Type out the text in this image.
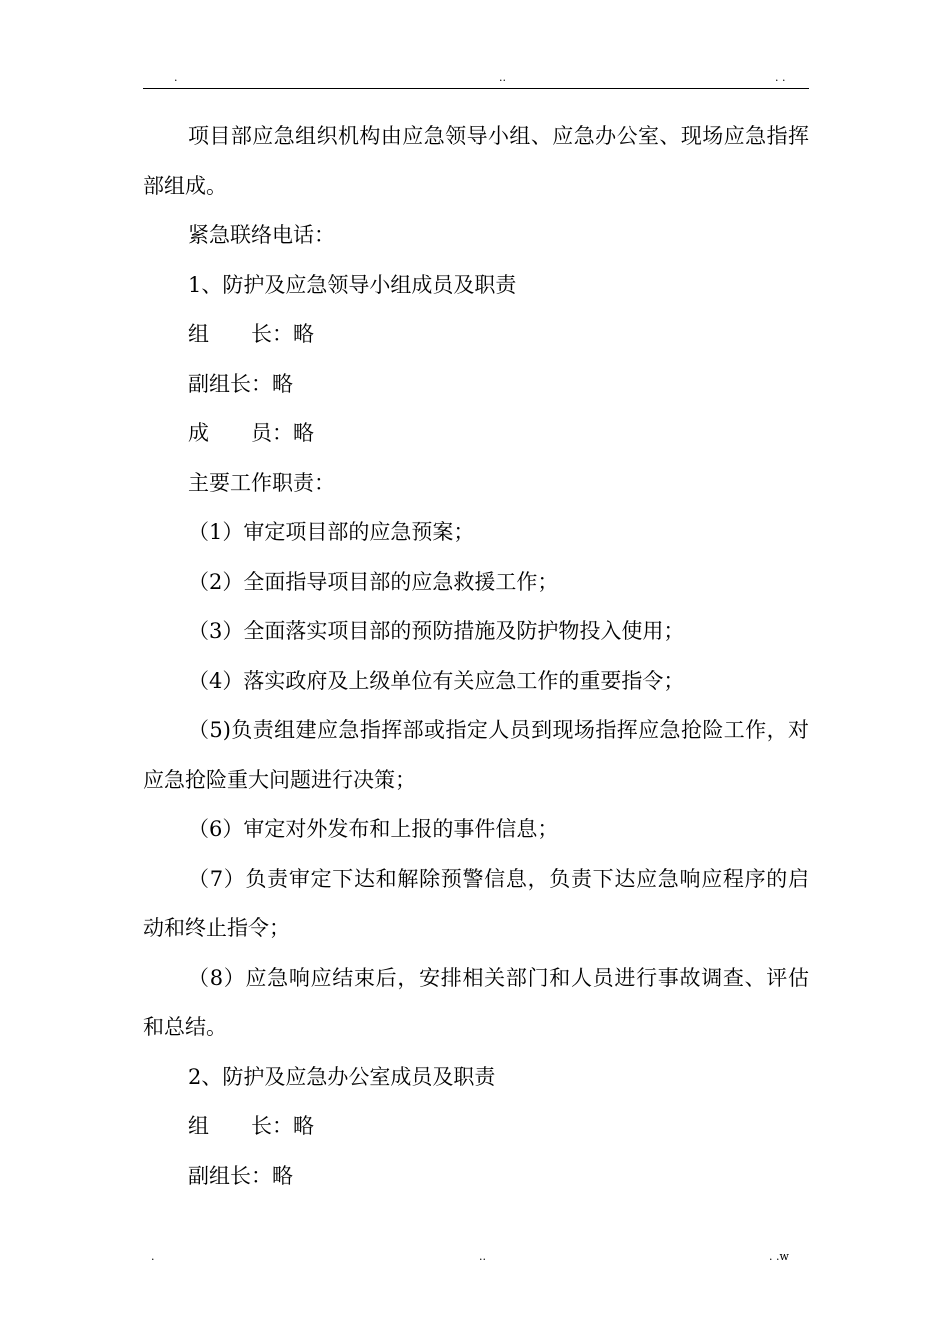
.	..	. .

项目部应急组织机构由应急领导小组、应急办公室、现场应急指挥部组成。

紧急联络电话：

1、防护及应急领导小组成员及职责

组　　长：略

副组长：略

成　　员：略

主要工作职责：

（1）审定项目部的应急预案；

（2）全面指导项目部的应急救援工作；

（3）全面落实项目部的预防措施及防护物投入使用；

（4）落实政府及上级单位有关应急工作的重要指令；

（5)负责组建应急指挥部或指定人员到现场指挥应急抢险工作，对应急抢险重大问题进行决策；

（6）审定对外发布和上报的事件信息；

（7）负责审定下达和解除预警信息，负责下达应急响应程序的启动和终止指令；

（8）应急响应结束后，安排相关部门和人员进行事故调查、评估和总结。

2、防护及应急办公室成员及职责

组　　长：略

副组长：略

.	..	. .w
